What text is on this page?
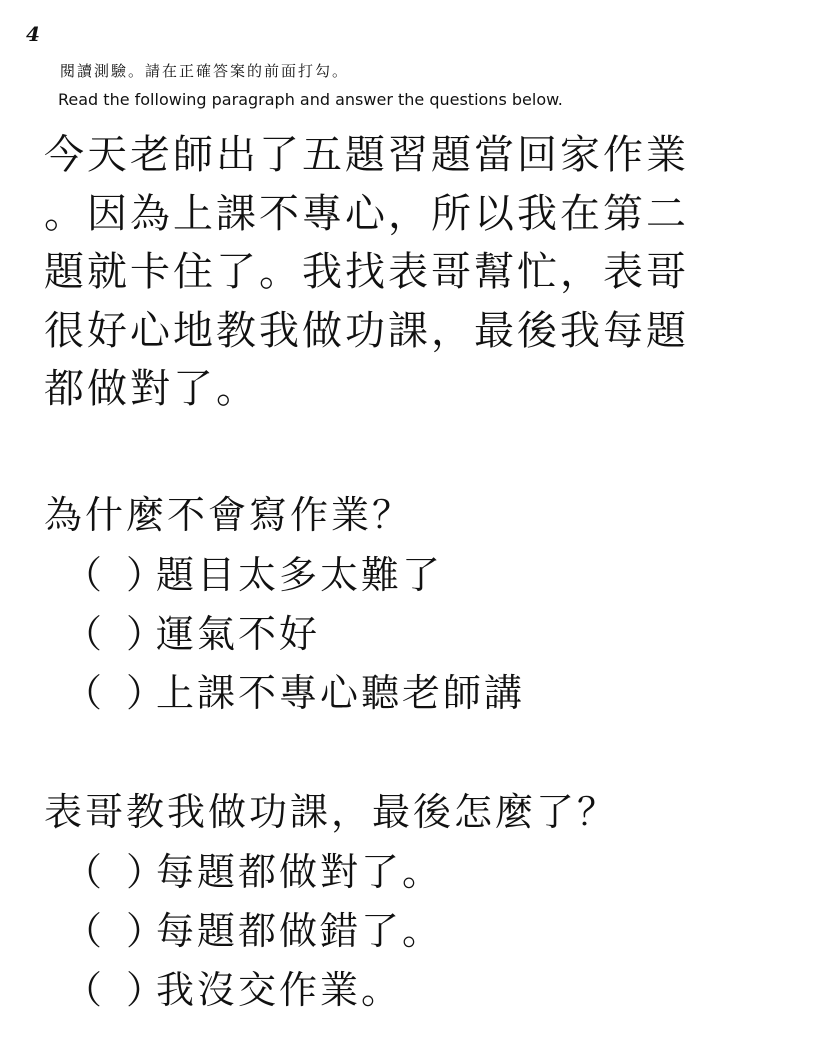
4
閱讀測驗。請在正確答案的前面打勾。
Read the following paragraph and answer the questions below.
今天老師出了五題習題當回家作業
。因為上課不專心，所以我在第二
題就卡住了。我找表哥幫忙，表哥
很好心地教我做功課，最後我每題
都做對了。
為什麼不會寫作業？
（ ）題目太多太難了
（ ）運氣不好
（ ）上課不專心聽老師講
表哥教我做功課，最後怎麼了？
（ ）每題都做對了。
（ ）每題都做錯了。
（ ）我沒交作業。
